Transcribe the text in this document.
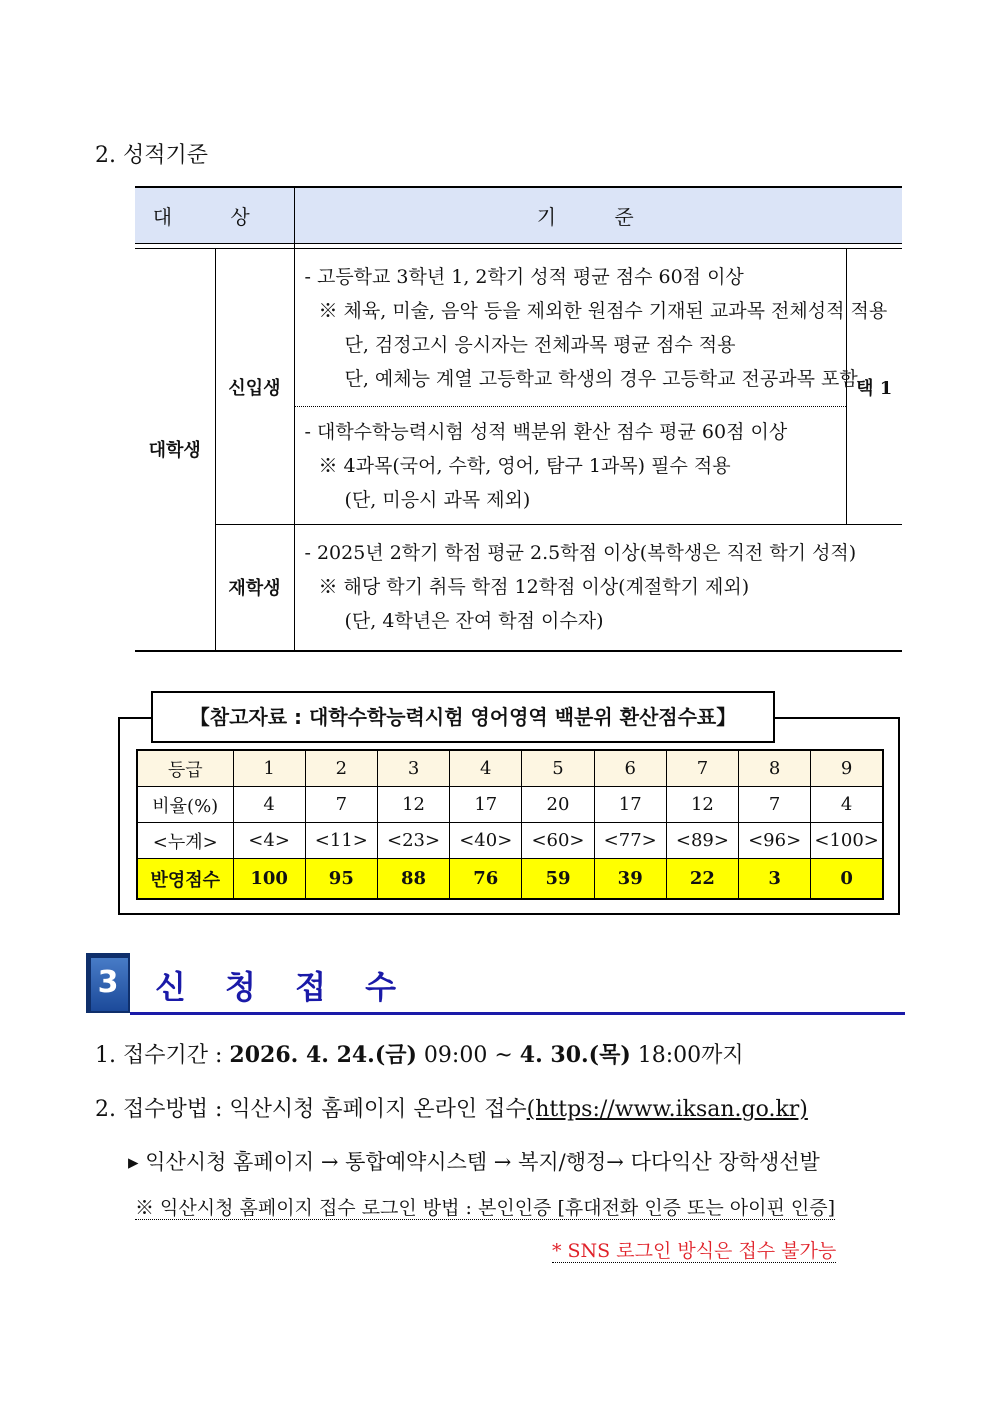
2. 성적기준
대 상		기 준	

대학생	신입생	- 고등학교 3학년 1, 2학기 성적 평균 점수 60점 이상
※ 체육, 미술, 음악 등을 제외한 원점수 기재된 교과목 전체성적 적용
단, 검정고시 응시자는 전체과목 평균 점수 적용
단, 예체능 계열 고등학교 학생의 경우 고등학교 전공과목 포함	택 1

		- 대학수학능력시험 성적 백분위 환산 점수 평균 60점 이상
※ 4과목(국어, 수학, 영어, 탐구 1과목) 필수 적용
(단, 미응시 과목 제외)	

	재학생	- 2025년 2학기 학점 평균 2.5학점 이상(복학생은 직전 학기 성적)
※ 해당 학기 취득 학점 12학점 이상(계절학기 제외)
(단, 4학년은 잔여 학점 이수자)	
【참고자료 : 대학수학능력시험 영어영역 백분위 환산점수표】
등급	1	2	3	4	5	6	7	8	9
비율(%)	4	7	12	17	20	17	12	7	4
<누계>	<4>	<11>	<23>	<40>	<60>	<77>	<89>	<96>	<100>
반영점수	100	95	88	76	59	39	22	3	0
3	신 청 접 수
1. 접수기간 : 2026. 4. 24.(금) 09:00 ~ 4. 30.(목) 18:00까지
2. 접수방법 : 익산시청 홈페이지 온라인 접수(https://www.iksan.go.kr)
▸ 익산시청 홈페이지 → 통합예약시스템 → 복지/행정→ 다다익산 장학생선발
※ 익산시청 홈페이지 접수 로그인 방법 : 본인인증 [휴대전화 인증 또는 아이핀 인증]
* SNS 로그인 방식은 접수 불가능
